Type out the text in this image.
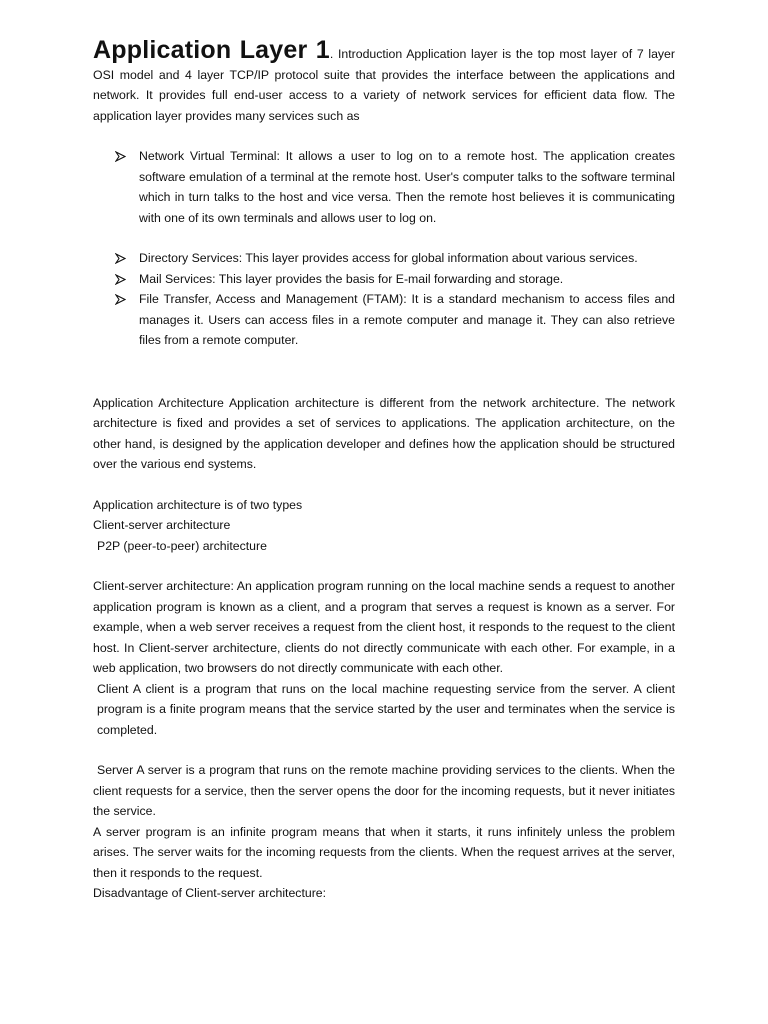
Application Layer 1. Introduction Application layer is the top most layer of 7 layer OSI model and 4 layer TCP/IP protocol suite that provides the interface between the applications and network. It provides full end-user access to a variety of network services for efficient data flow. The application layer provides many services such as

Network Virtual Terminal: It allows a user to log on to a remote host. The application creates software emulation of a terminal at the remote host. User's computer talks to the software terminal which in turn talks to the host and vice versa. Then the remote host believes it is communicating with one of its own terminals and allows user to log on.
Directory Services: This layer provides access for global information about various services.
Mail Services: This layer provides the basis for E-mail forwarding and storage.
File Transfer, Access and Management (FTAM): It is a standard mechanism to access files and manages it. Users can access files in a remote computer and manage it. They can also retrieve files from a remote computer.

Application Architecture Application architecture is different from the network architecture. The network architecture is fixed and provides a set of services to applications. The application architecture, on the other hand, is designed by the application developer and defines how the application should be structured over the various end systems.

Application architecture is of two types

Client-server architecture

P2P (peer-to-peer) architecture

Client-server architecture: An application program running on the local machine sends a request to another application program is known as a client, and a program that serves a request is known as a server. For example, when a web server receives a request from the client host, it responds to the request to the client host. In Client-server architecture, clients do not directly communicate with each other. For example, in a web application, two browsers do not directly communicate with each other.

Client A client is a program that runs on the local machine requesting service from the server. A client program is a finite program means that the service started by the user and terminates when the service is completed.

Server A server is a program that runs on the remote machine providing services to the clients. When the client requests for a service, then the server opens the door for the incoming requests, but it never initiates the service.

A server program is an infinite program means that when it starts, it runs infinitely unless the problem arises. The server waits for the incoming requests from the clients. When the request arrives at the server, then it responds to the request.

Disadvantage of Client-server architecture:
